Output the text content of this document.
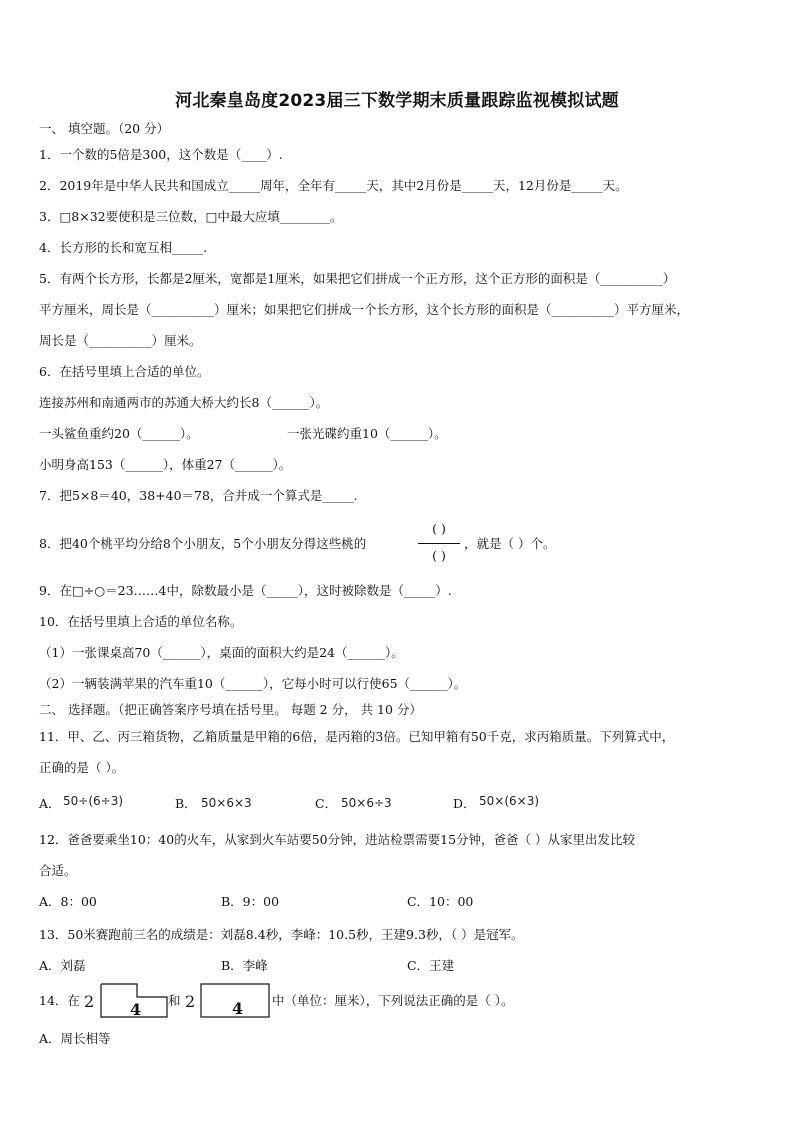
河北秦皇岛度2023届三下数学期末质量跟踪监视模拟试题
一、 填空题。（20 分）
1．一个数的5倍是300，这个数是（____）.
2．2019年是中华人民共和国成立_____周年，全年有_____天，其中2月份是_____天，12月份是_____天。
3．□8×32要使积是三位数，□中最大应填________。
4．长方形的长和宽互相_____.
5．有两个长方形，长都是2厘米，宽都是1厘米，如果把它们拼成一个正方形，这个正方形的面积是（__________）
平方厘米，周长是（__________）厘米；如果把它们拼成一个长方形，这个长方形的面积是（__________）平方厘米，
周长是（__________）厘米。
6．在括号里填上合适的单位。
连接苏州和南通两市的苏通大桥大约长8（______）。
一头鲨鱼重约20（______）。	一张光碟约重10（______）。
小明身高153（______），体重27（______）。
7．把5×8＝40，38+40＝78，合并成一个算式是_____.
8．把40个桃平均分给8个小朋友，5个小朋友分得这些桃的
( )
( )
，就是（ ）个。
9．在□÷○＝23……4中，除数最小是（_____），这时被除数是（_____）.
10．在括号里填上合适的单位名称。
（1）一张课桌高70（______），桌面的面积大约是24（______）。
（2）一辆装满苹果的汽车重10（______），它每小时可以行使65（______）。
二、 选择题。（把正确答案序号填在括号里。 每题 2 分， 共 10 分）
11．甲、乙、丙三箱货物，乙箱质量是甲箱的6倍，是丙箱的3倍。已知甲箱有50千克，求丙箱质量。下列算式中，
正确的是（ ）。
A． 50÷(6÷3)	B． 50×6×3	C． 50×6÷3	D． 50×(6×3)
12．爸爸要乘坐10：40的火车，从家到火车站要50分钟，进站检票需要15分钟，爸爸（ ）从家里出发比较
合适。
A．8：00	B．9：00	C．10：00
13．50米赛跑前三名的成绩是：刘磊8.4秒，李峰：10.5秒，王建9.3秒，（ ）是冠军。
A．刘磊	B．李峰	C．王建
14．在 2 4 和 2 4 中（单位：厘米），下列说法正确的是（ ）。
A．周长相等
